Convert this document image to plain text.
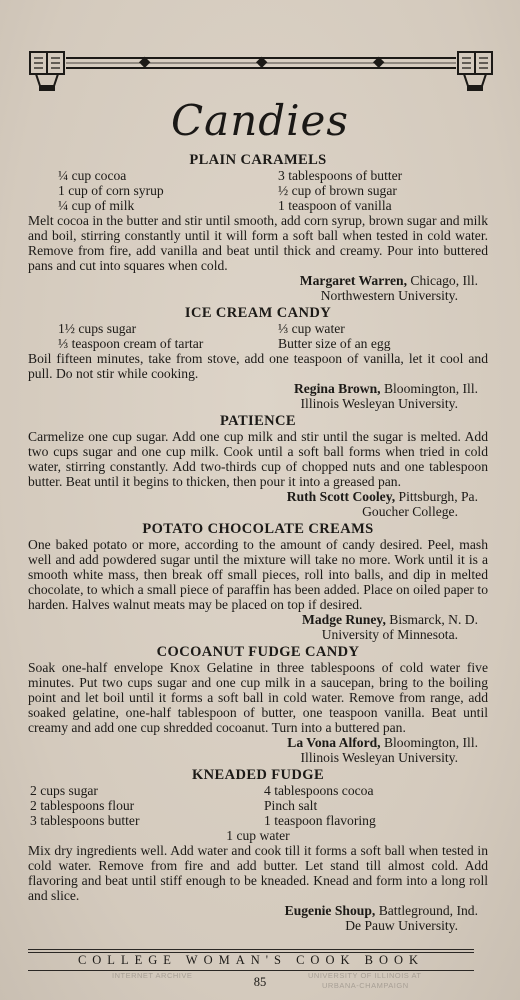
Candies
PLAIN CARAMELS
¼ cup cocoa	3 tablespoons of butter
1 cup of corn syrup	½ cup of brown sugar
¼ cup of milk	1 teaspoon of vanilla
Melt cocoa in the butter and stir until smooth, add corn syrup, brown sugar and milk and boil, stirring constantly until it will form a soft ball when tested in cold water. Remove from fire, add vanilla and beat until thick and creamy. Pour into buttered pans and cut into squares when cold.
Margaret Warren, Chicago, Ill.
Northwestern University.
ICE CREAM CANDY
1½ cups sugar	⅓ cup water
⅓ teaspoon cream of tartar	Butter size of an egg
Boil fifteen minutes, take from stove, add one teaspoon of vanilla, let it cool and pull. Do not stir while cooking.
Regina Brown, Bloomington, Ill.
Illinois Wesleyan University.
PATIENCE
Carmelize one cup sugar. Add one cup milk and stir until the sugar is melted. Add two cups sugar and one cup milk. Cook until a soft ball forms when tried in cold water, stirring constantly. Add two-thirds cup of chopped nuts and one tablespoon butter. Beat until it begins to thicken, then pour it into a greased pan.
Ruth Scott Cooley, Pittsburgh, Pa.
Goucher College.
POTATO CHOCOLATE CREAMS
One baked potato or more, according to the amount of candy desired. Peel, mash well and add powdered sugar until the mixture will take no more. Work until it is a smooth white mass, then break off small pieces, roll into balls, and dip in melted chocolate, to which a small piece of paraffin has been added. Place on oiled paper to harden. Halves walnut meats may be placed on top if desired.
Madge Runey, Bismarck, N. D.
University of Minnesota.
COCOANUT FUDGE CANDY
Soak one-half envelope Knox Gelatine in three tablespoons of cold water five minutes. Put two cups sugar and one cup milk in a saucepan, bring to the boiling point and let boil until it forms a soft ball in cold water. Remove from range, add soaked gelatine, one-half tablespoon of butter, one teaspoon vanilla. Beat until creamy and add one cup shredded cocoanut. Turn into a buttered pan.
La Vona Alford, Bloomington, Ill.
Illinois Wesleyan University.
KNEADED FUDGE
2 cups sugar	4 tablespoons cocoa
2 tablespoons flour	Pinch salt
3 tablespoons butter	1 teaspoon flavoring
1 cup water
Mix dry ingredients well. Add water and cook till it forms a soft ball when tested in cold water. Remove from fire and add butter. Let stand till almost cold. Add flavoring and beat until stiff enough to be kneaded. Knead and form into a long roll and slice.
Eugenie Shoup, Battleground, Ind.
De Pauw University.
COLLEGE WOMAN'S COOK BOOK
INTERNET ARCHIVE	UNIVERSITY OF ILLINOIS AT
URBANA-CHAMPAIGN
85
